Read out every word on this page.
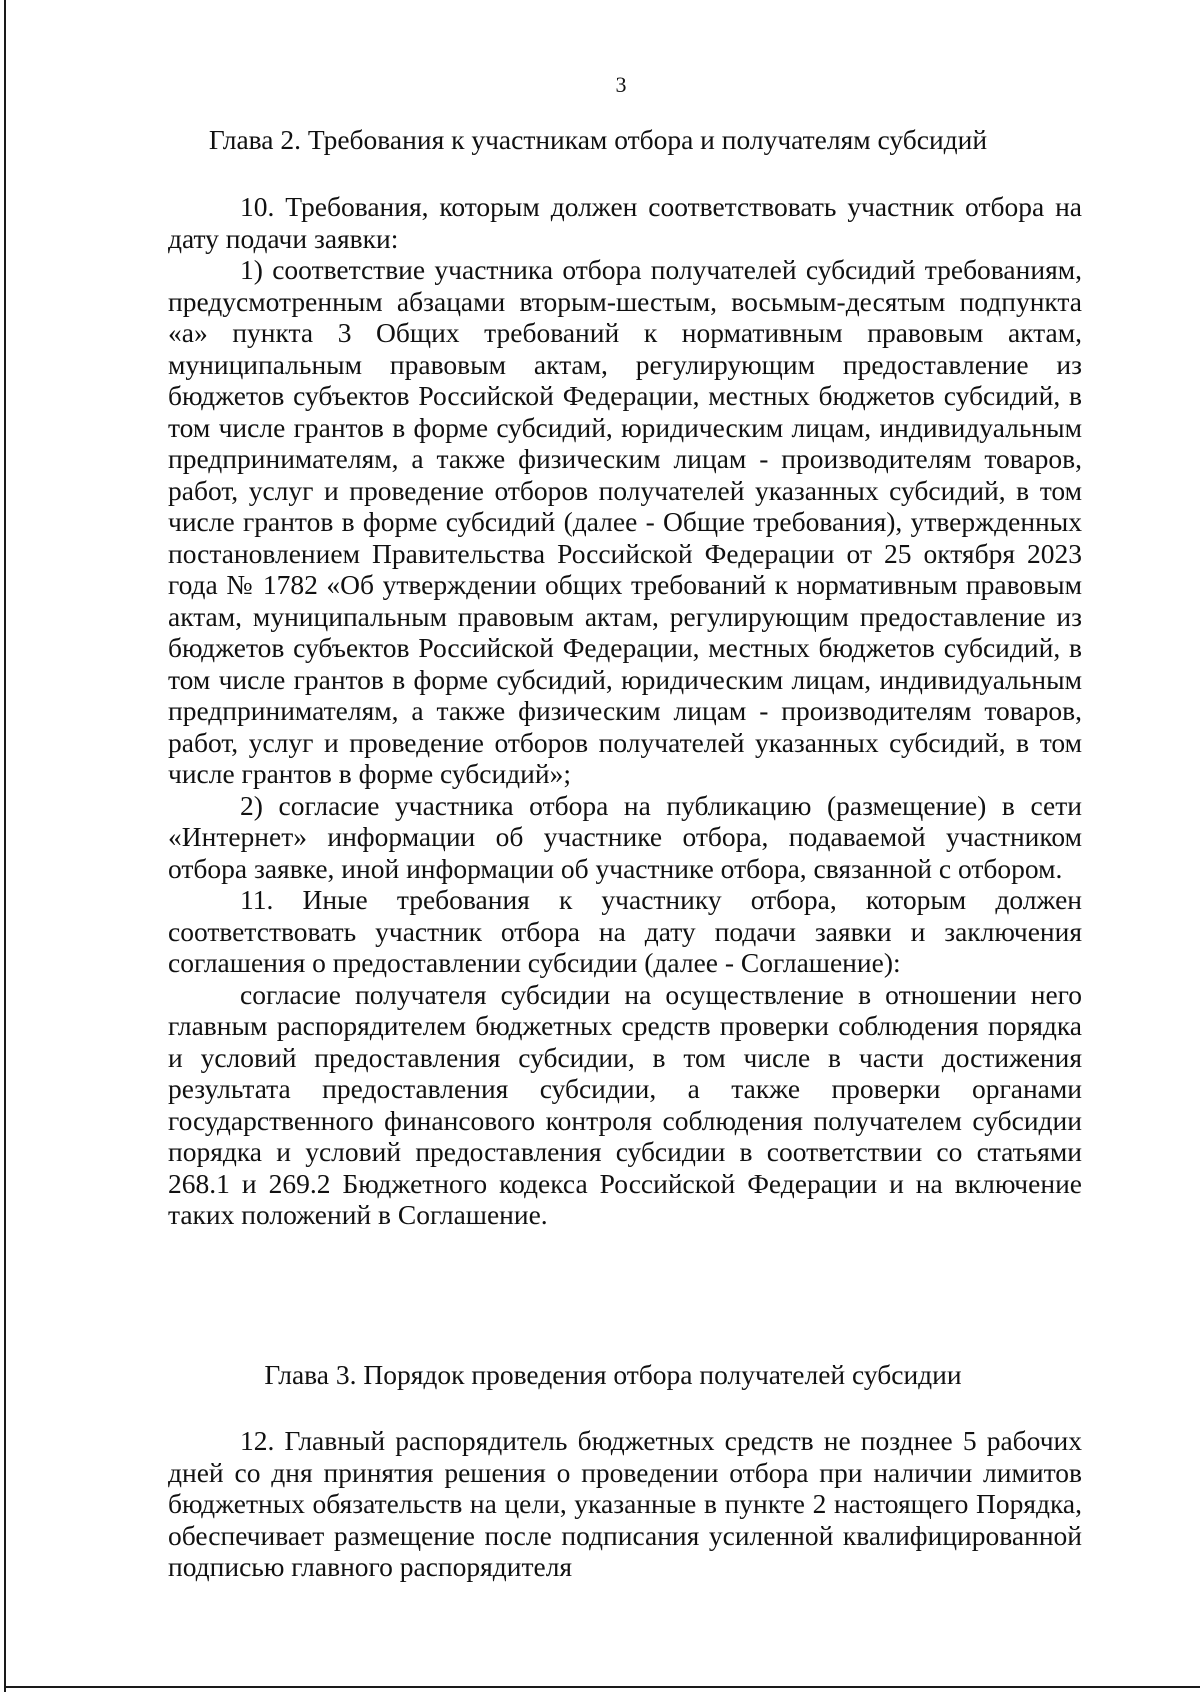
3
Глава 2. Требования к участникам отбора и получателям субсидий

10. Требования, которым должен соответствовать участник отбора на дату подачи заявки:

1) соответствие участника отбора получателей субсидий требованиям, предусмотренным абзацами вторым-шестым, восьмым-десятым подпункта «а» пункта 3 Общих требований к нормативным правовым актам, муниципальным правовым актам, регулирующим предоставление из бюджетов субъектов Российской Федерации, местных бюджетов субсидий, в том числе грантов в форме субсидий, юридическим лицам, индивидуальным предпринимателям, а также физическим лицам - производителям товаров, работ, услуг и проведение отборов получателей указанных субсидий, в том числе грантов в форме субсидий (далее - Общие требования), утвержденных постановлением Правительства Российской Федерации от 25 октября 2023 года № 1782 «Об утверждении общих требований к нормативным правовым актам, муниципальным правовым актам, регулирующим предоставление из бюджетов субъектов Российской Федерации, местных бюджетов субсидий, в том числе грантов в форме субсидий, юридическим лицам, индивидуальным предпринимателям, а также физическим лицам - производителям товаров, работ, услуг и проведение отборов получателей указанных субсидий, в том числе грантов в форме субсидий»;

2) согласие участника отбора на публикацию (размещение) в сети «Интернет» информации об участнике отбора, подаваемой участником отбора заявке, иной информации об участнике отбора, связанной с отбором.

11. Иные требования к участнику отбора, которым должен соответствовать участник отбора на дату подачи заявки и заключения соглашения о предоставлении субсидии (далее - Соглашение):

согласие получателя субсидии на осуществление в отношении него главным распорядителем бюджетных средств проверки соблюдения порядка и условий предоставления субсидии, в том числе в части достижения результата предоставления субсидии, а также проверки органами государственного финансового контроля соблюдения получателем субсидии порядка и условий предоставления субсидии в соответствии со статьями 268.1 и 269.2 Бюджетного кодекса Российской Федерации и на включение таких положений в Соглашение.

Глава 3. Порядок проведения отбора получателей субсидии

12. Главный распорядитель бюджетных средств не позднее 5 рабочих дней со дня принятия решения о проведении отбора при наличии лимитов бюджетных обязательств на цели, указанные в пункте 2 настоящего Порядка, обеспечивает размещение после подписания усиленной квалифицированной подписью главного распорядителя
